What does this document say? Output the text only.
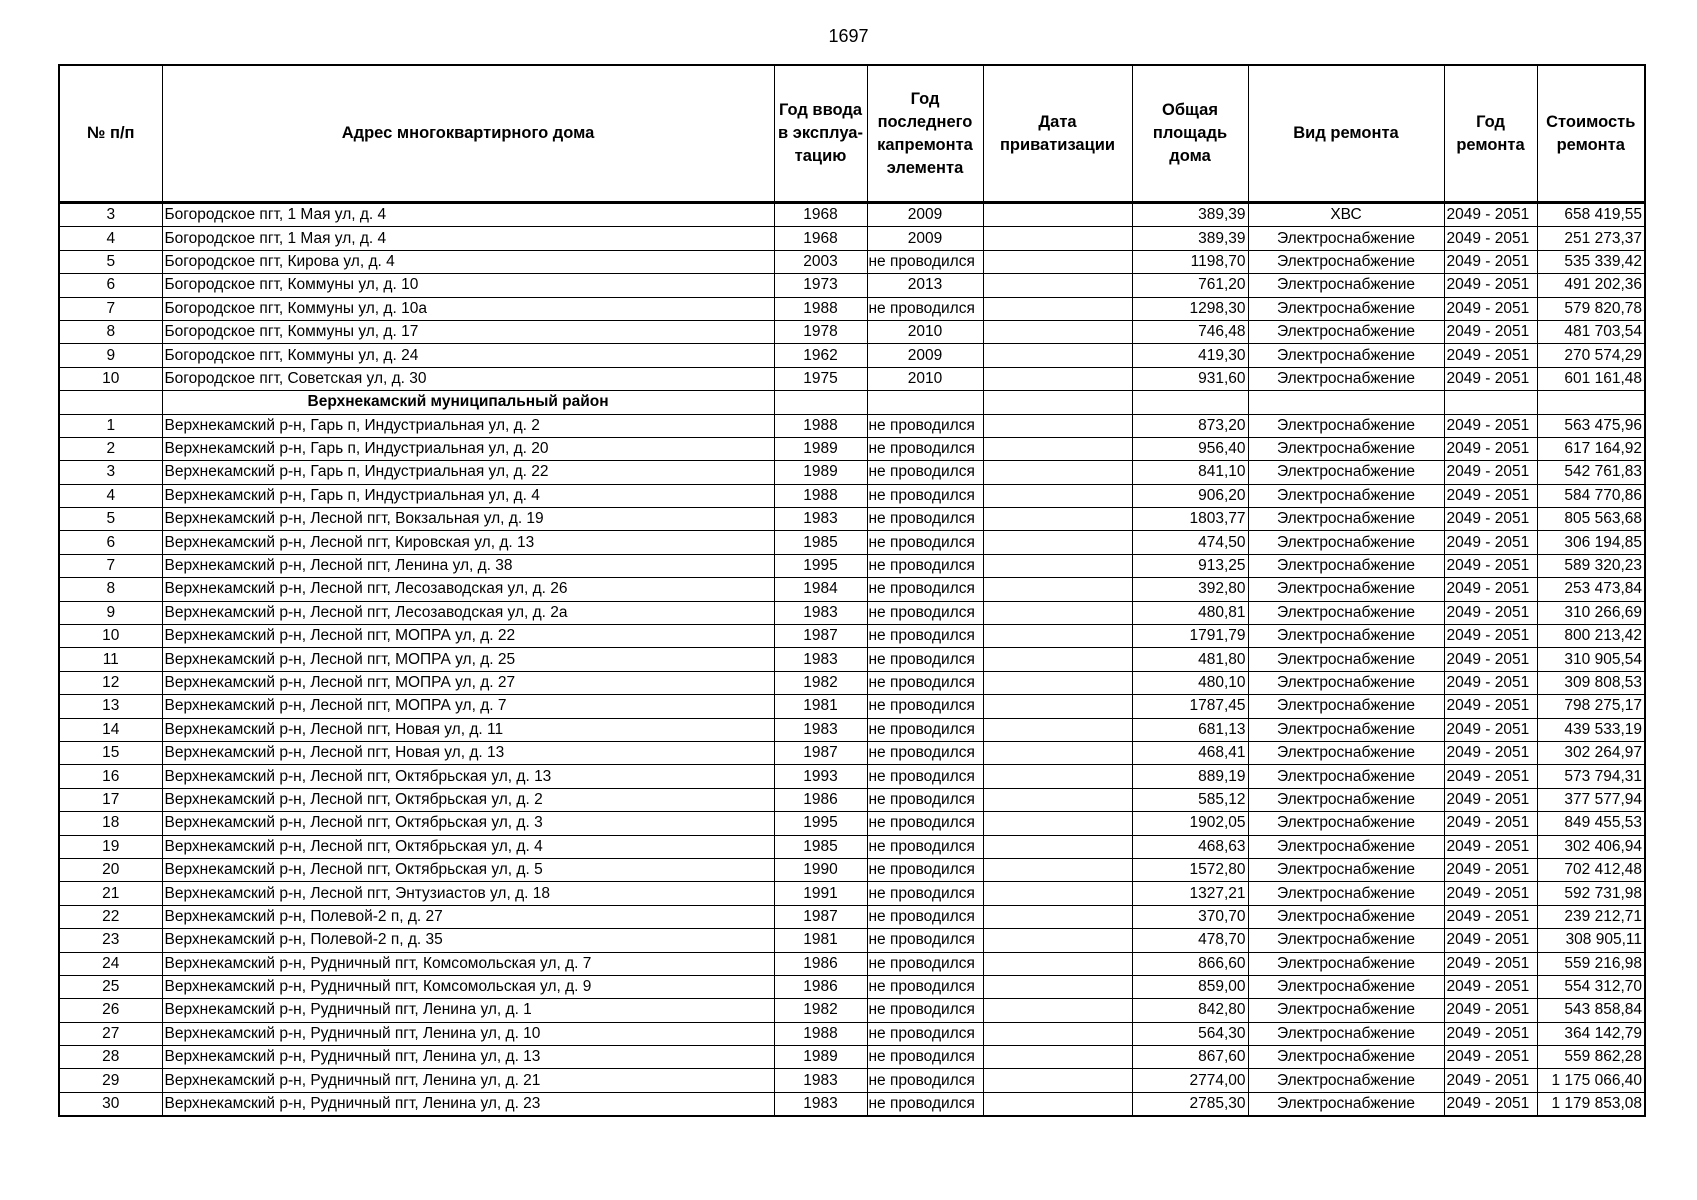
1697
№ п/п	Адрес многоквартирного дома	Год ввода в эксплуа-тацию	Год последнего капремонта элемента	Дата приватизации	Общая площадь дома	Вид ремонта	Год ремонта	Стоимость ремонта
3	Богородское пгт, 1 Мая ул, д. 4	1968	2009		389,39	ХВС	2049 - 2051	658 419,55
4	Богородское пгт, 1 Мая ул, д. 4	1968	2009		389,39	Электроснабжение	2049 - 2051	251 273,37
5	Богородское пгт, Кирова ул, д. 4	2003	не проводился		1198,70	Электроснабжение	2049 - 2051	535 339,42
6	Богородское пгт, Коммуны ул, д. 10	1973	2013		761,20	Электроснабжение	2049 - 2051	491 202,36
7	Богородское пгт, Коммуны ул, д. 10а	1988	не проводился		1298,30	Электроснабжение	2049 - 2051	579 820,78
8	Богородское пгт, Коммуны ул, д. 17	1978	2010		746,48	Электроснабжение	2049 - 2051	481 703,54
9	Богородское пгт, Коммуны ул, д. 24	1962	2009		419,30	Электроснабжение	2049 - 2051	270 574,29
10	Богородское пгт, Советская ул, д. 30	1975	2010		931,60	Электроснабжение	2049 - 2051	601 161,48
	Верхнекамский муниципальный район							
1	Верхнекамский р-н, Гарь п, Индустриальная ул, д. 2	1988	не проводился		873,20	Электроснабжение	2049 - 2051	563 475,96
2	Верхнекамский р-н, Гарь п, Индустриальная ул, д. 20	1989	не проводился		956,40	Электроснабжение	2049 - 2051	617 164,92
3	Верхнекамский р-н, Гарь п, Индустриальная ул, д. 22	1989	не проводился		841,10	Электроснабжение	2049 - 2051	542 761,83
4	Верхнекамский р-н, Гарь п, Индустриальная ул, д. 4	1988	не проводился		906,20	Электроснабжение	2049 - 2051	584 770,86
5	Верхнекамский р-н, Лесной пгт, Вокзальная ул, д. 19	1983	не проводился		1803,77	Электроснабжение	2049 - 2051	805 563,68
6	Верхнекамский р-н, Лесной пгт, Кировская ул, д. 13	1985	не проводился		474,50	Электроснабжение	2049 - 2051	306 194,85
7	Верхнекамский р-н, Лесной пгт, Ленина ул, д. 38	1995	не проводился		913,25	Электроснабжение	2049 - 2051	589 320,23
8	Верхнекамский р-н, Лесной пгт, Лесозаводская ул, д. 26	1984	не проводился		392,80	Электроснабжение	2049 - 2051	253 473,84
9	Верхнекамский р-н, Лесной пгт, Лесозаводская ул, д. 2а	1983	не проводился		480,81	Электроснабжение	2049 - 2051	310 266,69
10	Верхнекамский р-н, Лесной пгт, МОПРА ул, д. 22	1987	не проводился		1791,79	Электроснабжение	2049 - 2051	800 213,42
11	Верхнекамский р-н, Лесной пгт, МОПРА ул, д. 25	1983	не проводился		481,80	Электроснабжение	2049 - 2051	310 905,54
12	Верхнекамский р-н, Лесной пгт, МОПРА ул, д. 27	1982	не проводился		480,10	Электроснабжение	2049 - 2051	309 808,53
13	Верхнекамский р-н, Лесной пгт, МОПРА ул, д. 7	1981	не проводился		1787,45	Электроснабжение	2049 - 2051	798 275,17
14	Верхнекамский р-н, Лесной пгт, Новая ул, д. 11	1983	не проводился		681,13	Электроснабжение	2049 - 2051	439 533,19
15	Верхнекамский р-н, Лесной пгт, Новая ул, д. 13	1987	не проводился		468,41	Электроснабжение	2049 - 2051	302 264,97
16	Верхнекамский р-н, Лесной пгт, Октябрьская ул, д. 13	1993	не проводился		889,19	Электроснабжение	2049 - 2051	573 794,31
17	Верхнекамский р-н, Лесной пгт, Октябрьская ул, д. 2	1986	не проводился		585,12	Электроснабжение	2049 - 2051	377 577,94
18	Верхнекамский р-н, Лесной пгт, Октябрьская ул, д. 3	1995	не проводился		1902,05	Электроснабжение	2049 - 2051	849 455,53
19	Верхнекамский р-н, Лесной пгт, Октябрьская ул, д. 4	1985	не проводился		468,63	Электроснабжение	2049 - 2051	302 406,94
20	Верхнекамский р-н, Лесной пгт, Октябрьская ул, д. 5	1990	не проводился		1572,80	Электроснабжение	2049 - 2051	702 412,48
21	Верхнекамский р-н, Лесной пгт, Энтузиастов ул, д. 18	1991	не проводился		1327,21	Электроснабжение	2049 - 2051	592 731,98
22	Верхнекамский р-н, Полевой-2 п, д. 27	1987	не проводился		370,70	Электроснабжение	2049 - 2051	239 212,71
23	Верхнекамский р-н, Полевой-2 п, д. 35	1981	не проводился		478,70	Электроснабжение	2049 - 2051	308 905,11
24	Верхнекамский р-н, Рудничный пгт, Комсомольская ул, д. 7	1986	не проводился		866,60	Электроснабжение	2049 - 2051	559 216,98
25	Верхнекамский р-н, Рудничный пгт, Комсомольская ул, д. 9	1986	не проводился		859,00	Электроснабжение	2049 - 2051	554 312,70
26	Верхнекамский р-н, Рудничный пгт, Ленина ул, д. 1	1982	не проводился		842,80	Электроснабжение	2049 - 2051	543 858,84
27	Верхнекамский р-н, Рудничный пгт, Ленина ул, д. 10	1988	не проводился		564,30	Электроснабжение	2049 - 2051	364 142,79
28	Верхнекамский р-н, Рудничный пгт, Ленина ул, д. 13	1989	не проводился		867,60	Электроснабжение	2049 - 2051	559 862,28
29	Верхнекамский р-н, Рудничный пгт, Ленина ул, д. 21	1983	не проводился		2774,00	Электроснабжение	2049 - 2051	1 175 066,40
30	Верхнекамский р-н, Рудничный пгт, Ленина ул, д. 23	1983	не проводился		2785,30	Электроснабжение	2049 - 2051	1 179 853,08
